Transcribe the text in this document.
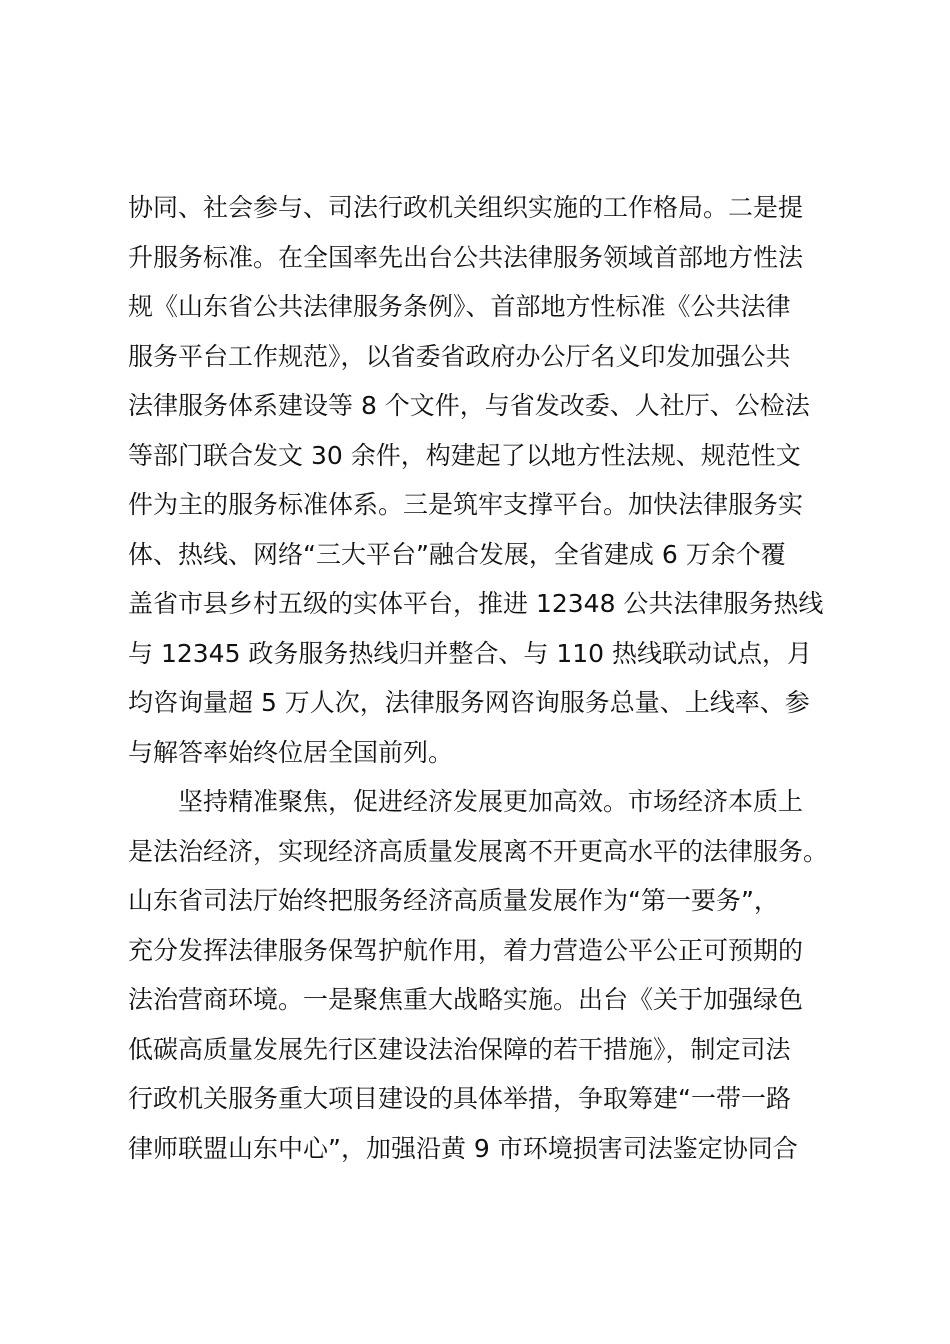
协同、社会参与、司法行政机关组织实施的工作格局。二是提
升服务标准。在全国率先出台公共法律服务领域首部地方性法
规《山东省公共法律服务条例》、首部地方性标准《公共法律
服务平台工作规范》，以省委省政府办公厅名义印发加强公共
法律服务体系建设等 8 个文件，与省发改委、人社厅、公检法
等部门联合发文 30 余件，构建起了以地方性法规、规范性文
件为主的服务标准体系。三是筑牢支撑平台。加快法律服务实
体、热线、网络“三大平台”融合发展，全省建成 6 万余个覆
盖省市县乡村五级的实体平台，推进 12348 公共法律服务热线
与 12345 政务服务热线归并整合、与 110 热线联动试点，月
均咨询量超 5 万人次，法律服务网咨询服务总量、上线率、参
与解答率始终位居全国前列。
　　坚持精准聚焦，促进经济发展更加高效。市场经济本质上
是法治经济，实现经济高质量发展离不开更高水平的法律服务。
山东省司法厅始终把服务经济高质量发展作为“第一要务”，
充分发挥法律服务保驾护航作用，着力营造公平公正可预期的
法治营商环境。一是聚焦重大战略实施。出台《关于加强绿色
低碳高质量发展先行区建设法治保障的若干措施》，制定司法
行政机关服务重大项目建设的具体举措，争取筹建“一带一路
律师联盟山东中心”，加强沿黄 9 市环境损害司法鉴定协同合
